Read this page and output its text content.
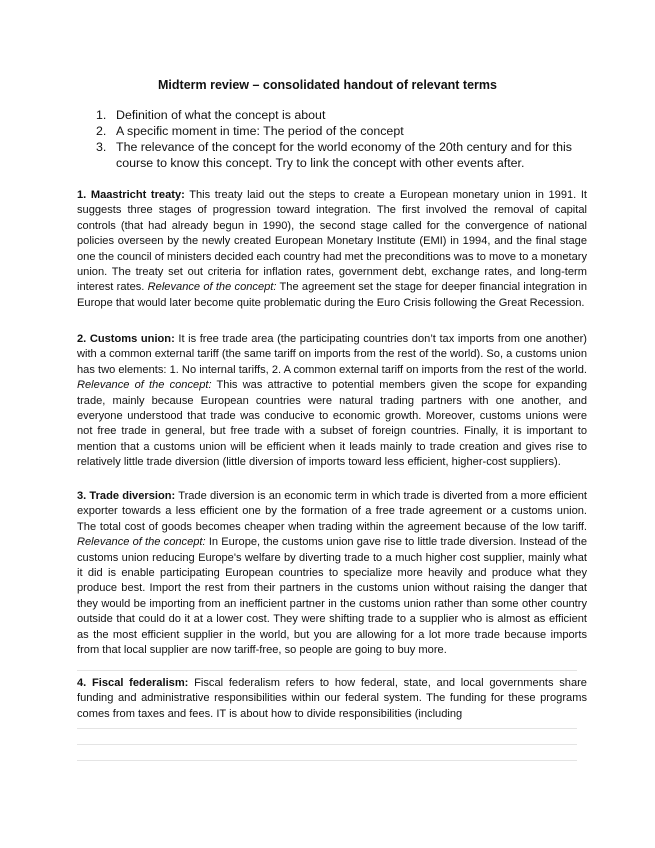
Midterm review – consolidated handout of relevant terms
1. Definition of what the concept is about
2. A specific moment in time: The period of the concept
3. The relevance of the concept for the world economy of the 20th century and for this course to know this concept. Try to link the concept with other events after.
1. Maastricht treaty: This treaty laid out the steps to create a European monetary union in 1991. It suggests three stages of progression toward integration. The first involved the removal of capital controls (that had already begun in 1990), the second stage called for the convergence of national policies overseen by the newly created European Monetary Institute (EMI) in 1994, and the final stage one the council of ministers decided each country had met the preconditions was to move to a monetary union. The treaty set out criteria for inflation rates, government debt, exchange rates, and long-term interest rates. Relevance of the concept: The agreement set the stage for deeper financial integration in Europe that would later become quite problematic during the Euro Crisis following the Great Recession.
2. Customs union: It is free trade area (the participating countries don’t tax imports from one another) with a common external tariff (the same tariff on imports from the rest of the world). So, a customs union has two elements: 1. No internal tariffs, 2. A common external tariff on imports from the rest of the world. Relevance of the concept: This was attractive to potential members given the scope for expanding trade, mainly because European countries were natural trading partners with one another, and everyone understood that trade was conducive to economic growth. Moreover, customs unions were not free trade in general, but free trade with a subset of foreign countries. Finally, it is important to mention that a customs union will be efficient when it leads mainly to trade creation and gives rise to relatively little trade diversion (little diversion of imports toward less efficient, higher-cost suppliers).
3. Trade diversion: Trade diversion is an economic term in which trade is diverted from a more efficient exporter towards a less efficient one by the formation of a free trade agreement or a customs union. The total cost of goods becomes cheaper when trading within the agreement because of the low tariff. Relevance of the concept: In Europe, the customs union gave rise to little trade diversion. Instead of the customs union reducing Europe's welfare by diverting trade to a much higher cost supplier, mainly what it did is enable participating European countries to specialize more heavily and produce what they produce best. Import the rest from their partners in the customs union without raising the danger that they would be importing from an inefficient partner in the customs union rather than some other country outside that could do it at a lower cost. They were shifting trade to a supplier who is almost as efficient as the most efficient supplier in the world, but you are allowing for a lot more trade because imports from that local supplier are now tariff-free, so people are going to buy more.
4. Fiscal federalism: Fiscal federalism refers to how federal, state, and local governments share funding and administrative responsibilities within our federal system. The funding for these programs comes from taxes and fees. IT is about how to divide responsibilities (including
